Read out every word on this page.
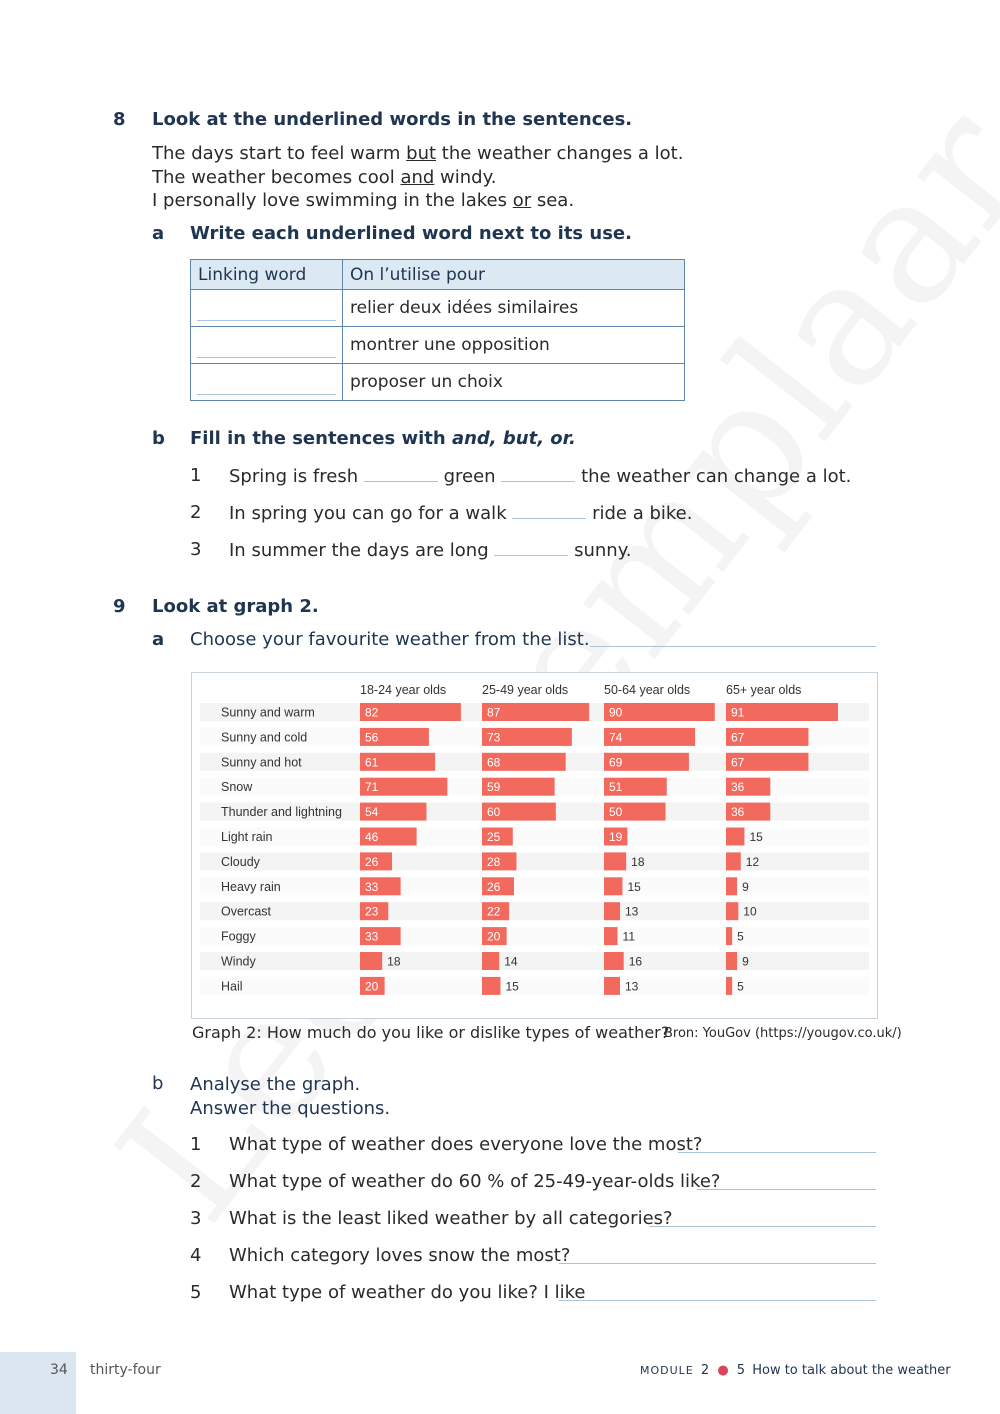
8 Look at the underlined words in the sentences.
The days start to feel warm but the weather changes a lot.
The weather becomes cool and windy.
I personally love swimming in the lakes or sea.
a Write each underlined word next to its use.
Linking word	On l’utilise pour

	relier deux idées similaires

	montrer une opposition

	proposer un choix
b Fill in the sentences with and, but, or.
1 Spring is fresh	green	the weather can change a lot.
2 In spring you can go for a walk	ride a bike.
3 In summer the days are long	sunny.
9 Look at graph 2.
a Choose your favourite weather from the list.
18-24 year olds	25-49 year olds	50-64 year olds	65+ year olds
Sunny and warm	82	87	90	91
Sunny and cold	56	73	74	67
Sunny and hot	61	68	69	67
Snow	71	59	51	36
Thunder and lightning 54	60	50	36
Light rain	46	25	19	15
Cloudy	26	28	18	12
Heavy rain	33	26	15	9
Overcast	23	22	13	10
Foggy	33	20	11	5
Windy	18	14	16	9
Hail	20	15	13	5
Graph 2: How much do you like or dislike types of weather?
Bron: YouGov (https://yougov.co.uk/)
b Analyse the graph.
Answer the questions.
1 What type of weather does everyone love the most?
2 What type of weather do 60 % of 25-49-year-olds like?
3 What is the least liked weather by all categories?
4 Which category loves snow the most?
5 What type of weather do you like? I like
34 thirty-four	MODULE 2 ● 5 How to talk about the weather
